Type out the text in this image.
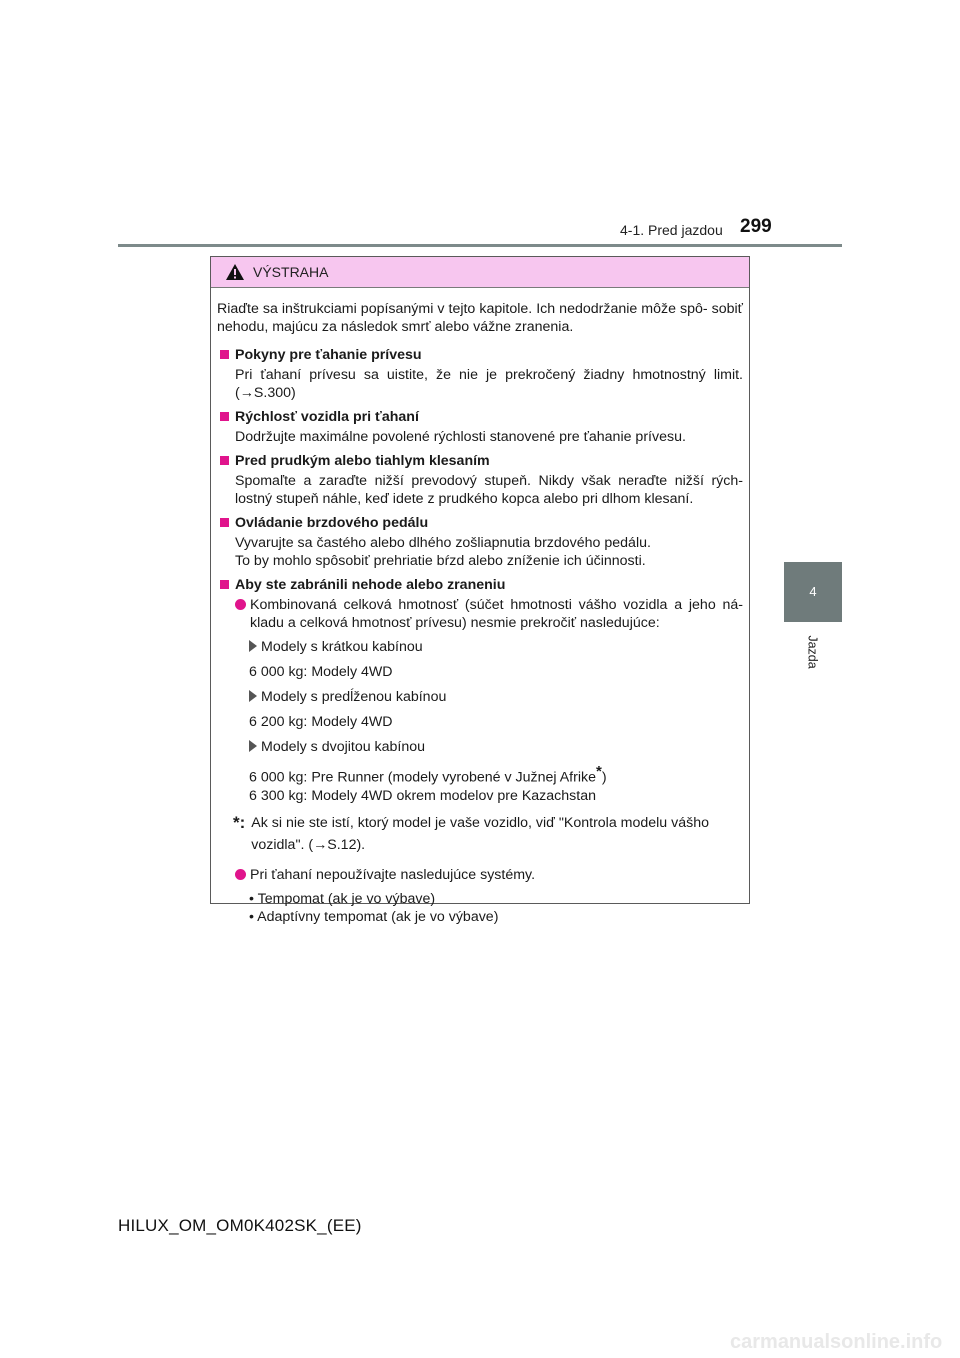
4-1. Pred jazdou 299
4
Jazda
VÝSTRAHA
Riaďte sa inštrukciami popísanými v tejto kapitole. Ich nedodržanie môže spô- sobiť nehodu, majúcu za následok smrť alebo vážne zranenia.
Pokyny pre ťahanie prívesu
Pri ťahaní prívesu sa uistite, že nie je prekročený žiadny hmotnostný limit. (→S.300)
Rýchlosť vozidla pri ťahaní
Dodržujte maximálne povolené rýchlosti stanovené pre ťahanie prívesu.
Pred prudkým alebo tiahlym klesaním
Spomaľte a zaraďte nižší prevodový stupeň. Nikdy však neraďte nižší rých- lostný stupeň náhle, keď idete z prudkého kopca alebo pri dlhom klesaní.
Ovládanie brzdového pedálu
Vyvarujte sa častého alebo dlhého zošliapnutia brzdového pedálu.
To by mohlo spôsobiť prehriatie bŕzd alebo zníženie ich účinnosti.
Aby ste zabránili nehode alebo zraneniu
Kombinovaná celková hmotnosť (súčet hmotnosti vášho vozidla a jeho ná- kladu a celková hmotnosť prívesu) nesmie prekročiť nasledujúce:
Modely s krátkou kabínou
6 000 kg: Modely 4WD
Modely s predĺženou kabínou
6 200 kg: Modely 4WD
Modely s dvojitou kabínou
6 000 kg: Pre Runner (modely vyrobené v Južnej Afrike*)
6 300 kg: Modely 4WD okrem modelov pre Kazachstan
*: Ak si nie ste istí, ktorý model je vaše vozidlo, viď "Kontrola modelu vášho vozidla". (→S.12).
Pri ťahaní nepoužívajte nasledujúce systémy.
• Tempomat (ak je vo výbave)
• Adaptívny tempomat (ak je vo výbave)
HILUX_OM_OM0K402SK_(EE)
carmanualsonline.info
